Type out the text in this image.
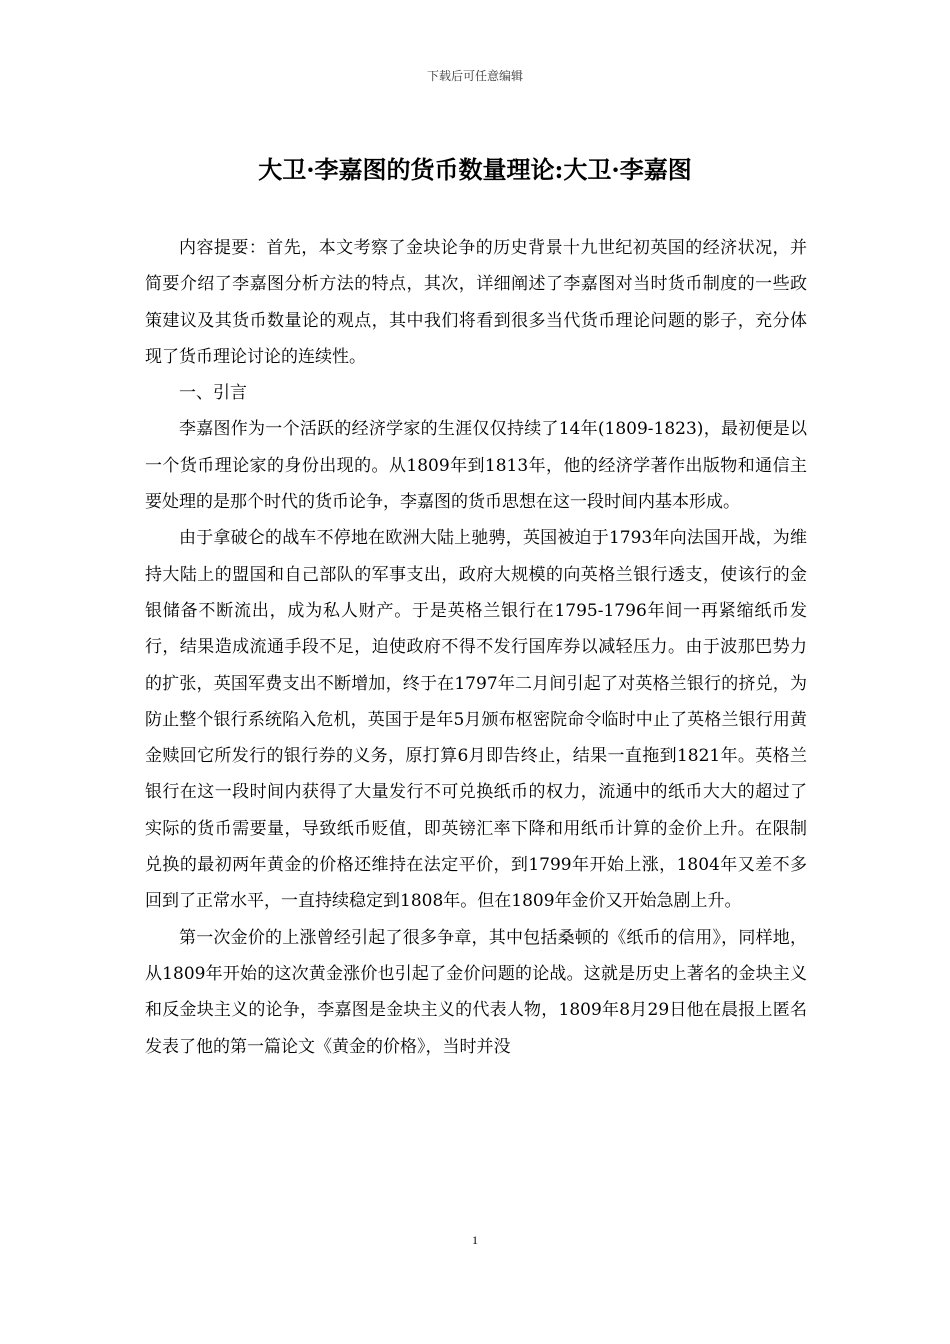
下载后可任意编辑
大卫·李嘉图的货币数量理论:大卫·李嘉图

内容提要：首先，本文考察了金块论争的历史背景十九世纪初英国的经济状况，并简要介绍了李嘉图分析方法的特点，其次，详细阐述了李嘉图对当时货币制度的一些政策建议及其货币数量论的观点，其中我们将看到很多当代货币理论问题的影子，充分体现了货币理论讨论的连续性。

一、引言

李嘉图作为一个活跃的经济学家的生涯仅仅持续了14年(1809-1823)，最初便是以一个货币理论家的身份出现的。从1809年到1813年，他的经济学著作出版物和通信主要处理的是那个时代的货币论争，李嘉图的货币思想在这一段时间内基本形成。

由于拿破仑的战车不停地在欧洲大陆上驰骋，英国被迫于1793年向法国开战，为维持大陆上的盟国和自己部队的军事支出，政府大规模的向英格兰银行透支，使该行的金银储备不断流出，成为私人财产。于是英格兰银行在1795-1796年间一再紧缩纸币发行，结果造成流通手段不足，迫使政府不得不发行国库券以减轻压力。由于波那巴势力的扩张，英国军费支出不断增加，终于在1797年二月间引起了对英格兰银行的挤兑，为防止整个银行系统陷入危机，英国于是年5月颁布枢密院命令临时中止了英格兰银行用黄金赎回它所发行的银行券的义务，原打算6月即告终止，结果一直拖到1821年。英格兰银行在这一段时间内获得了大量发行不可兑换纸币的权力，流通中的纸币大大的超过了实际的货币需要量，导致纸币贬值，即英镑汇率下降和用纸币计算的金价上升。在限制兑换的最初两年黄金的价格还维持在法定平价，到1799年开始上涨，1804年又差不多回到了正常水平，一直持续稳定到1808年。但在1809年金价又开始急剧上升。

第一次金价的上涨曾经引起了很多争章，其中包括桑顿的《纸币的信用》，同样地，从1809年开始的这次黄金涨价也引起了金价问题的论战。这就是历史上著名的金块主义和反金块主义的论争，李嘉图是金块主义的代表人物，1809年8月29日他在晨报上匿名发表了他的第一篇论文《黄金的价格》，当时并没

1
